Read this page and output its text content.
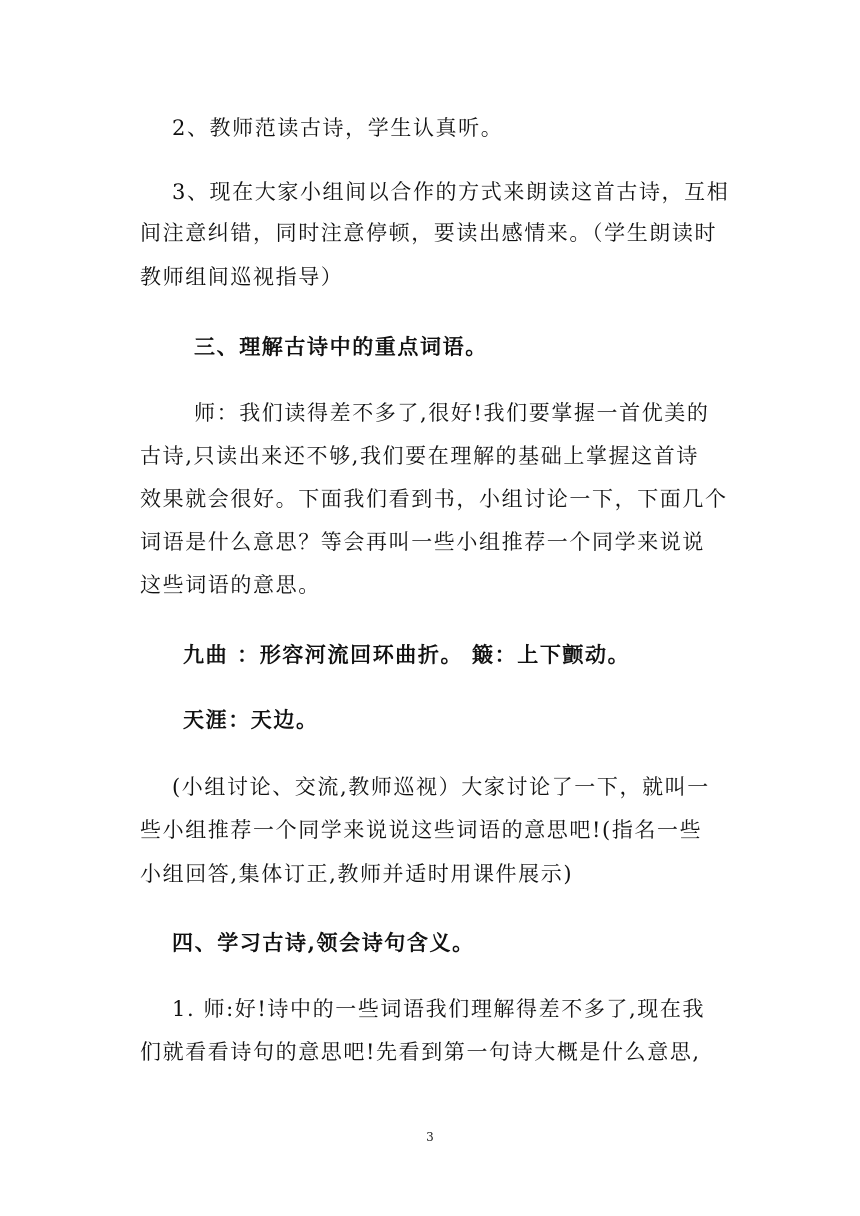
2、教师范读古诗，学生认真听。
3、现在大家小组间以合作的方式来朗读这首古诗，互相
间注意纠错，同时注意停顿，要读出感情来。（学生朗读时
教师组间巡视指导）
三、理解古诗中的重点词语。
师：我们读得差不多了,很好!我们要掌握一首优美的
古诗,只读出来还不够,我们要在理解的基础上掌握这首诗
效果就会很好。下面我们看到书，小组讨论一下，下面几个
词语是什么意思？等会再叫一些小组推荐一个同学来说说
这些词语的意思。
九曲 ：形容河流回环曲折。 簸：上下颤动。
天涯：天边。
(小组讨论、交流,教师巡视）大家讨论了一下，就叫一
些小组推荐一个同学来说说这些词语的意思吧!(指名一些
小组回答,集体订正,教师并适时用课件展示)
四、学习古诗,领会诗句含义。
1. 师:好!诗中的一些词语我们理解得差不多了,现在我
们就看看诗句的意思吧!先看到第一句诗大概是什么意思,
3
